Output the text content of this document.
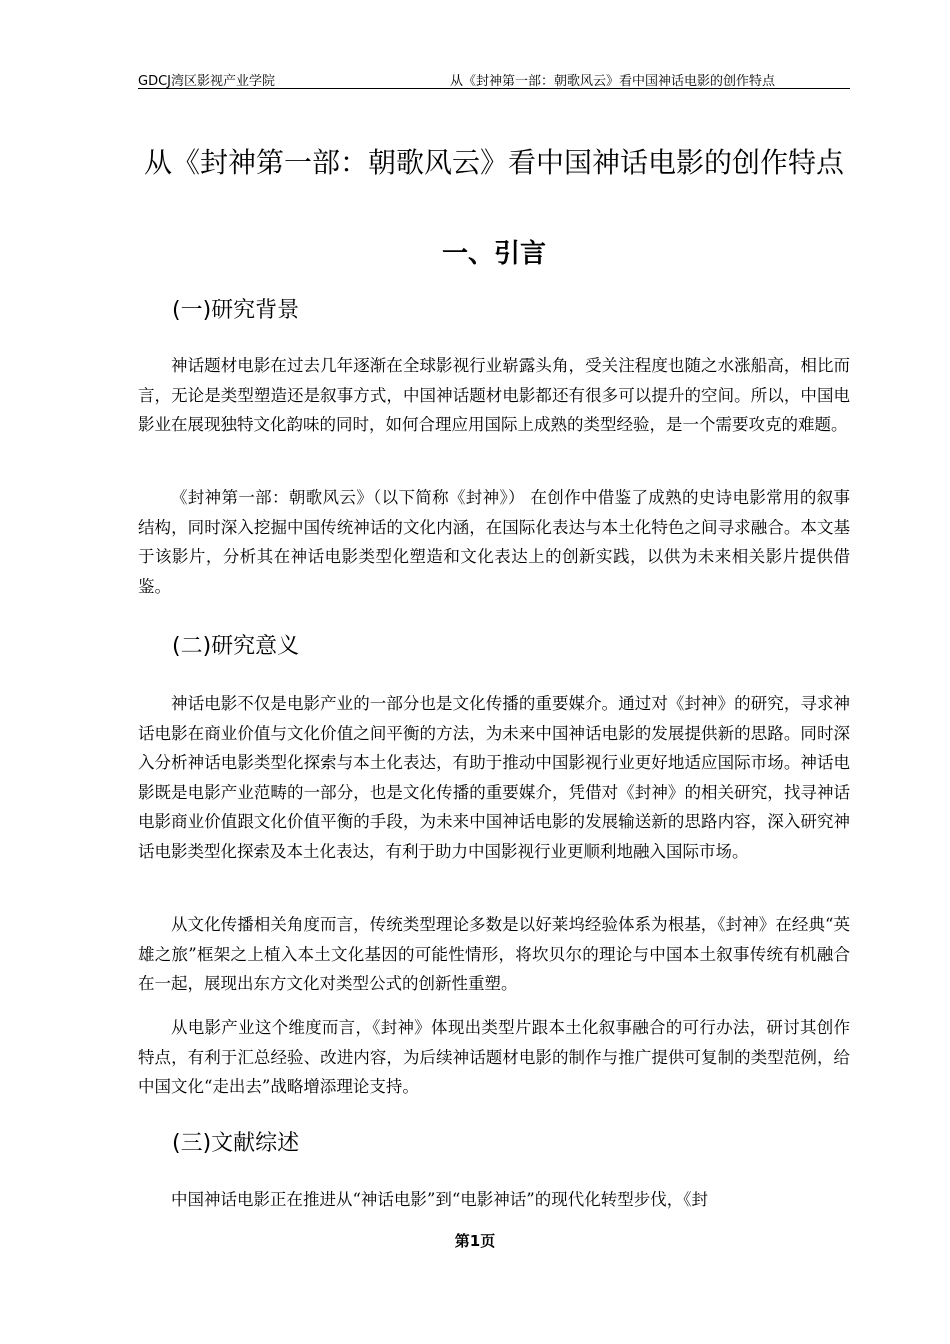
GDCJ湾区影视产业学院	从《封神第一部：朝歌风云》看中国神话电影的创作特点
从《封神第一部：朝歌风云》看中国神话电影的创作特点
一、引言
(一)研究背景

神话题材电影在过去几年逐渐在全球影视行业崭露头角，受关注程度也随之水涨船高，相比而言，无论是类型塑造还是叙事方式，中国神话题材电影都还有很多可以提升的空间。所以，中国电影业在展现独特文化韵味的同时，如何合理应用国际上成熟的类型经验，是一个需要攻克的难题。

《封神第一部：朝歌风云》（以下简称《封神》） 在创作中借鉴了成熟的史诗电影常用的叙事结构，同时深入挖掘中国传统神话的文化内涵，在国际化表达与本土化特色之间寻求融合。本文基于该影片，分析其在神话电影类型化塑造和文化表达上的创新实践，以供为未来相关影片提供借鉴。

(二)研究意义

神话电影不仅是电影产业的一部分也是文化传播的重要媒介。通过对《封神》的研究，寻求神话电影在商业价值与文化价值之间平衡的方法，为未来中国神话电影的发展提供新的思路。同时深入分析神话电影类型化探索与本土化表达，有助于推动中国影视行业更好地适应国际市场。神话电影既是电影产业范畴的一部分，也是文化传播的重要媒介，凭借对《封神》的相关研究，找寻神话电影商业价值跟文化价值平衡的手段，为未来中国神话电影的发展输送新的思路内容，深入研究神话电影类型化探索及本土化表达，有利于助力中国影视行业更顺利地融入国际市场。

从文化传播相关角度而言，传统类型理论多数是以好莱坞经验体系为根基，《封神》在经典“英雄之旅”框架之上植入本土文化基因的可能性情形，将坎贝尔的理论与中国本土叙事传统有机融合在一起，展现出东方文化对类型公式的创新性重塑。

从电影产业这个维度而言，《封神》体现出类型片跟本土化叙事融合的可行办法，研讨其创作特点，有利于汇总经验、改进内容，为后续神话题材电影的制作与推广提供可复制的类型范例，给中国文化“走出去”战略增添理论支持。

(三)文献综述

中国神话电影正在推进从“神话电影”到“电影神话”的现代化转型步伐，《封

第1页
